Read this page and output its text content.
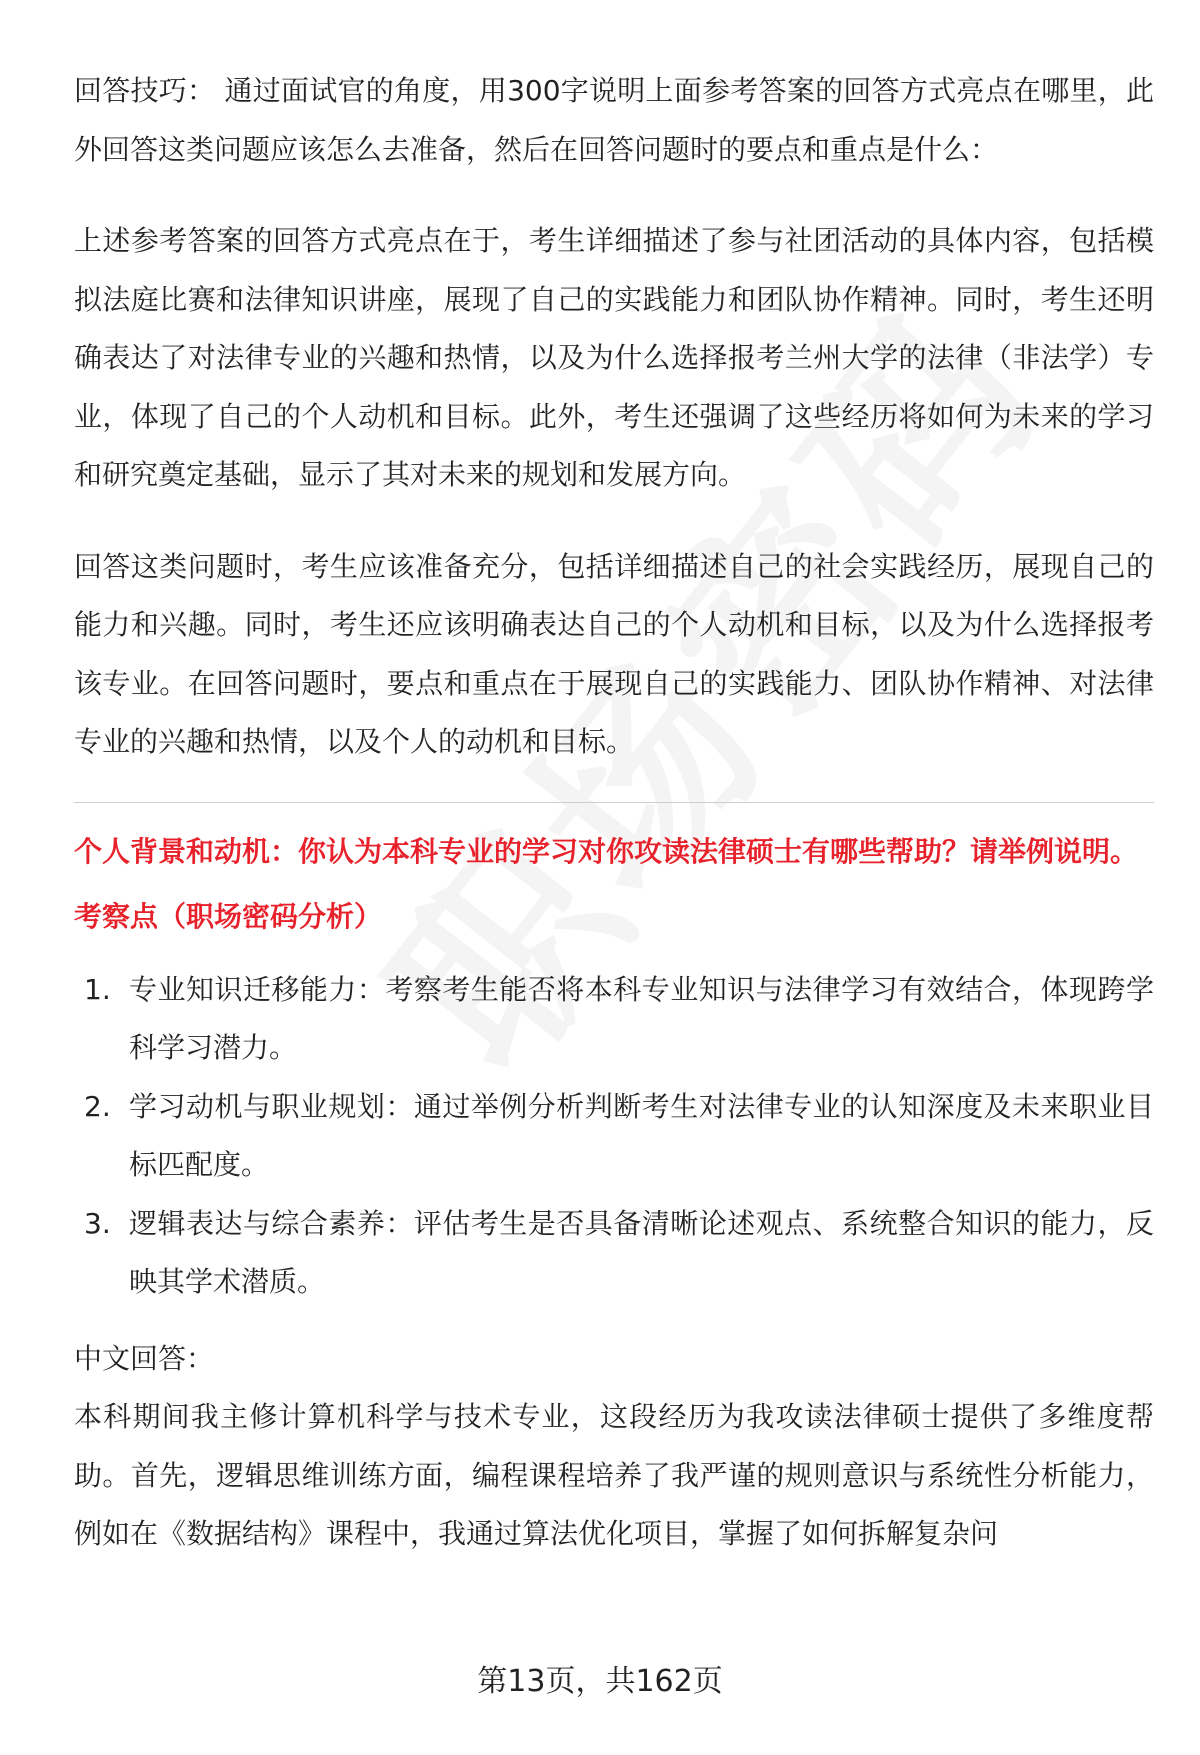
回答技巧： 通过面试官的角度，用300字说明上面参考答案的回答方式亮点在哪里，此外回答这类问题应该怎么去准备，然后在回答问题时的要点和重点是什么：

上述参考答案的回答方式亮点在于，考生详细描述了参与社团活动的具体内容，包括模拟法庭比赛和法律知识讲座，展现了自己的实践能力和团队协作精神。同时，考生还明确表达了对法律专业的兴趣和热情，以及为什么选择报考兰州大学的法律（非法学）专业，体现了自己的个人动机和目标。此外，考生还强调了这些经历将如何为未来的学习和研究奠定基础，显示了其对未来的规划和发展方向。

回答这类问题时，考生应该准备充分，包括详细描述自己的社会实践经历，展现自己的能力和兴趣。同时，考生还应该明确表达自己的个人动机和目标，以及为什么选择报考该专业。在回答问题时，要点和重点在于展现自己的实践能力、团队协作精神、对法律专业的兴趣和热情，以及个人的动机和目标。

个人背景和动机：你认为本科专业的学习对你攻读法律硕士有哪些帮助？请举例说明。
考察点（职场密码分析）
1. 专业知识迁移能力：考察考生能否将本科专业知识与法律学习有效结合，体现跨学科学习潜力。
2. 学习动机与职业规划：通过举例分析判断考生对法律专业的认知深度及未来职业目标匹配度。
3. 逻辑表达与综合素养：评估考生是否具备清晰论述观点、系统整合知识的能力，反映其学术潜质。

中文回答：

本科期间我主修计算机科学与技术专业，这段经历为我攻读法律硕士提供了多维度帮助。首先，逻辑思维训练方面，编程课程培养了我严谨的规则意识与系统性分析能力，例如在《数据结构》课程中，我通过算法优化项目，掌握了如何拆解复杂问

第13页，共162页
